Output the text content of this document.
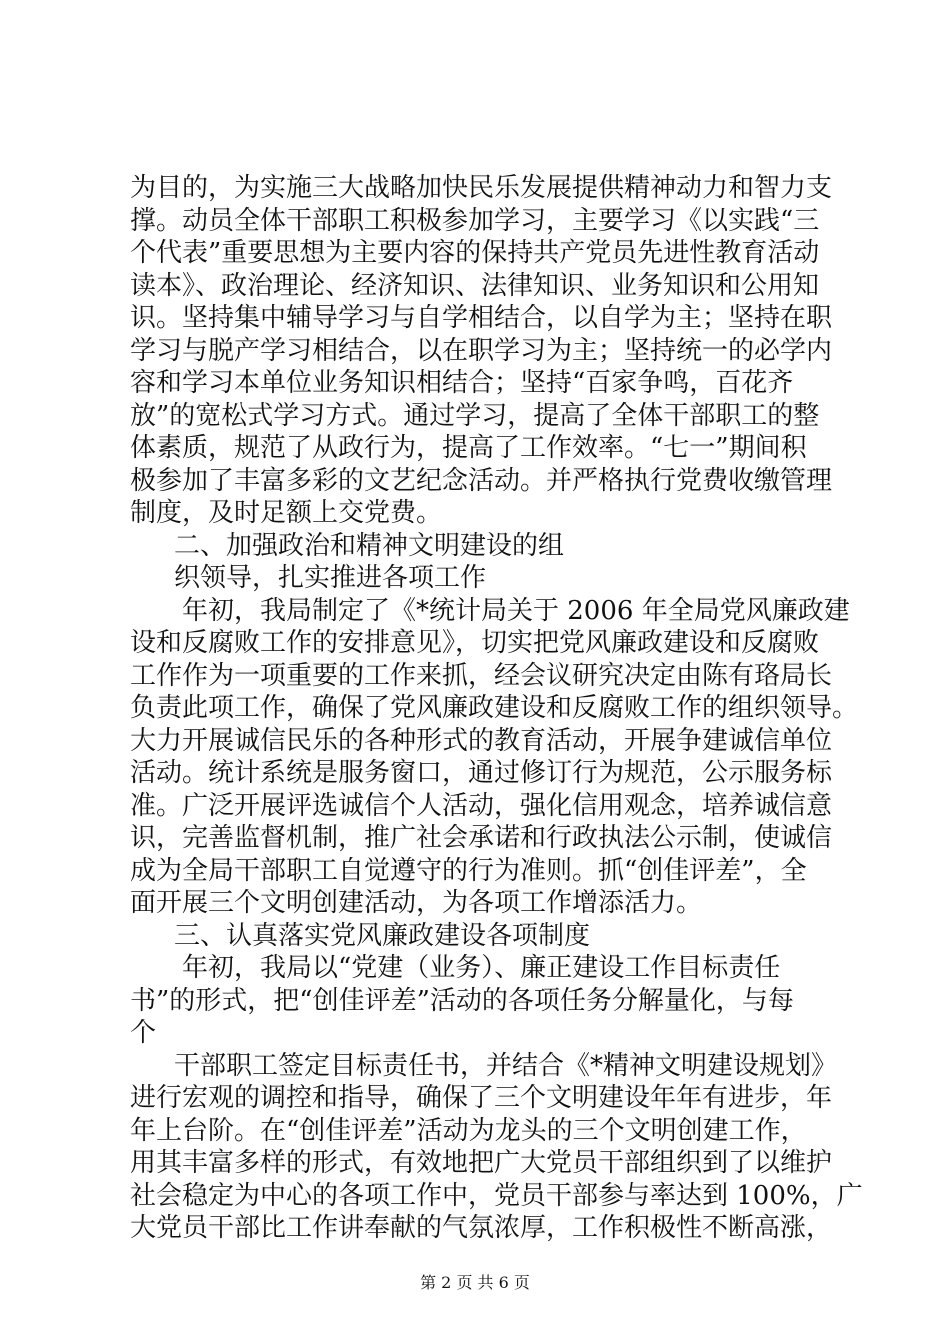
为目的，为实施三大战略加快民乐发展提供精神动力和智力支
撑。动员全体干部职工积极参加学习，主要学习《以实践“三
个代表”重要思想为主要内容的保持共产党员先进性教育活动
读本》、政治理论、经济知识、法律知识、业务知识和公用知
识。坚持集中辅导学习与自学相结合，以自学为主；坚持在职
学习与脱产学习相结合，以在职学习为主；坚持统一的必学内
容和学习本单位业务知识相结合；坚持“百家争鸣，百花齐
放”的宽松式学习方式。通过学习，提高了全体干部职工的整
体素质，规范了从政行为，提高了工作效率。“七一”期间积
极参加了丰富多彩的文艺纪念活动。并严格执行党费收缴管理
制度，及时足额上交党费。
二、加强政治和精神文明建设的组
织领导，扎实推进各项工作
年初，我局制定了《*统计局关于 2006 年全局党风廉政建
设和反腐败工作的安排意见》，切实把党风廉政建设和反腐败
工作作为一项重要的工作来抓，经会议研究决定由陈有珞局长
负责此项工作，确保了党风廉政建设和反腐败工作的组织领导。
大力开展诚信民乐的各种形式的教育活动，开展争建诚信单位
活动。统计系统是服务窗口，通过修订行为规范，公示服务标
准。广泛开展评选诚信个人活动，强化信用观念，培养诚信意
识，完善监督机制，推广社会承诺和行政执法公示制，使诚信
成为全局干部职工自觉遵守的行为准则。抓“创佳评差”，全
面开展三个文明创建活动，为各项工作增添活力。
三、认真落实党风廉政建设各项制度
年初，我局以“党建（业务）、廉正建设工作目标责任
书”的形式，把“创佳评差”活动的各项任务分解量化，与每
个
干部职工签定目标责任书，并结合《*精神文明建设规划》
进行宏观的调控和指导，确保了三个文明建设年年有进步，年
年上台阶。在“创佳评差”活动为龙头的三个文明创建工作，
用其丰富多样的形式，有效地把广大党员干部组织到了以维护
社会稳定为中心的各项工作中，党员干部参与率达到 100%，广
大党员干部比工作讲奉献的气氛浓厚，工作积极性不断高涨，
第 2 页 共 6 页
